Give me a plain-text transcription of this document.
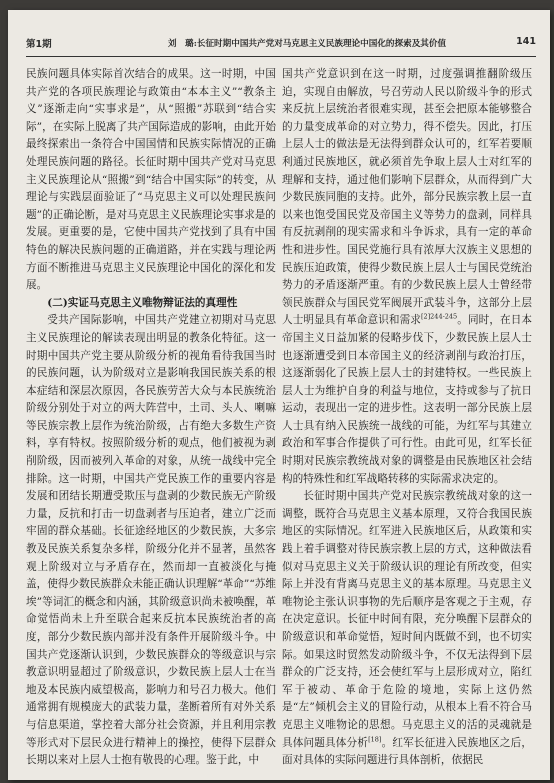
第1期	刘　璐:长征时期中国共产党对马克思主义民族理论中国化的探索及其价值	141

民族问题具体实际首次结合的成果。这一时期，中国共产党的各项民族理论与政策由“本本主义”“教条主义”逐渐走向“实事求是”，从“照搬”苏联到“结合实际”，在实际上脱离了共产国际造成的影响，由此开始最终探索出一条符合中国国情和民族实际情况的正确处理民族问题的路径。长征时期中国共产党对马克思主义民族理论从“照搬”到“结合中国实际”的转变，从理论与实践层面验证了“马克思主义可以处理民族问题”的正确论断，是对马克思主义民族理论实事求是的发展。更重要的是，它使中国共产党找到了具有中国特色的解决民族问题的正确道路，并在实践与理论两方面不断推进马克思主义民族理论中国化的深化和发展。

(二)实证马克思主义唯物辩证法的真理性

受共产国际影响，中国共产党建立初期对马克思主义民族理论的解读表现出明显的教条化特征。这一时期中国共产党主要从阶级分析的视角看待我国当时的民族问题，认为阶级对立是影响我国民族关系的根本症结和深层次原因，各民族劳苦大众与本民族统治阶级分别处于对立的两大阵营中，土司、头人、喇嘛等民族宗教上层作为统治阶级，占有绝大多数生产资料，享有特权。按照阶级分析的观点，他们被视为剥削阶级，因而被列入革命的对象，从统一战线中完全排除。这一时期，中国共产党民族工作的重要内容是发展和团结长期遭受欺压与盘剥的少数民族无产阶级力量，反抗和打击一切盘剥者与压迫者，建立广泛而牢固的群众基础。长征途经地区的少数民族，大多宗教及民族关系复杂多样，阶级分化并不显著，虽然客观上阶级对立与矛盾存在，然而却一直被淡化与掩盖，使得少数民族群众未能正确认识理解“革命”“苏维埃”等词汇的概念和内涵，其阶级意识尚未被唤醒，革命觉悟尚未上升至联合起来反抗本民族统治者的高度，部分少数民族内部并没有条件开展阶级斗争。中国共产党逐渐认识到，少数民族群众的等级意识与宗教意识明显超过了阶级意识，少数民族上层人士在当地及本民族内威望极高，影响力和号召力极大。他们通常拥有规模庞大的武装力量，垄断着所有对外关系与信息渠道，掌控着大部分社会资源，并且利用宗教等形式对下层民众进行精神上的操控，使得下层群众长期以来对上层人士抱有敬畏的心理。鉴于此，中

国共产党意识到在这一时期，过度强调推翻阶级压迫，实现自由解放，号召劳动人民以阶级斗争的形式来反抗上层统治者很难实现，甚至会把原本能够整合的力量变成革命的对立势力，得不偿失。因此，打压上层人士的做法是无法得到群众认可的，红军若要顺利通过民族地区，就必须首先争取上层人士对红军的理解和支持，通过他们影响下层群众，从而得到广大少数民族同胞的支持。此外，部分民族宗教上层一直以来也饱受国民党及帝国主义等势力的盘剥，同样具有反抗剥削的现实需求和斗争诉求，具有一定的革命性和进步性。国民党施行具有浓厚大汉族主义思想的民族压迫政策，使得少数民族上层人士与国民党统治势力的矛盾逐渐严重。有的少数民族上层人士曾经带领民族群众与国民党军阀展开武装斗争，这部分上层人士明显具有革命意识和需求$^{[2]244-245}$。同时，在日本帝国主义日益加紧的侵略步伐下，少数民族上层人士也逐渐遭受到日本帝国主义的经济剥削与政治打压，这逐渐弱化了民族上层人士的封建特权。一些民族上层人士为维护自身的利益与地位，支持或参与了抗日运动，表现出一定的进步性。这表明一部分民族上层人士具有纳入民族统一战线的可能，为红军与其建立政治和军事合作提供了可行性。由此可见，红军长征时期对民族宗教统战对象的调整是由民族地区社会结构的特殊性和红军战略转移的实际需求决定的。

长征时期中国共产党对民族宗教统战对象的这一调整，既符合马克思主义基本原理，又符合我国民族地区的实际情况。红军进入民族地区后，从政策和实践上着手调整对待民族宗教上层的方式，这种做法看似对马克思主义关于阶级认识的理论有所改变，但实际上并没有背离马克思主义的基本原理。马克思主义唯物论主张认识事物的先后顺序是客观之于主观，存在决定意识。长征中时间有限，充分唤醒下层群众的阶级意识和革命觉悟，短时间内既做不到，也不切实际。如果这时贸然发动阶级斗争，不仅无法得到下层群众的广泛支持，还会使红军与上层形成对立，陷红军于被动、革命于危险的境地，实际上这仍然是“左”倾机会主义的冒险行动，从根本上看不符合马克思主义唯物论的思想。马克思主义的活的灵魂就是具体问题具体分析[18]。红军长征进入民族地区之后，面对具体的实际问题进行具体剖析，依据民
